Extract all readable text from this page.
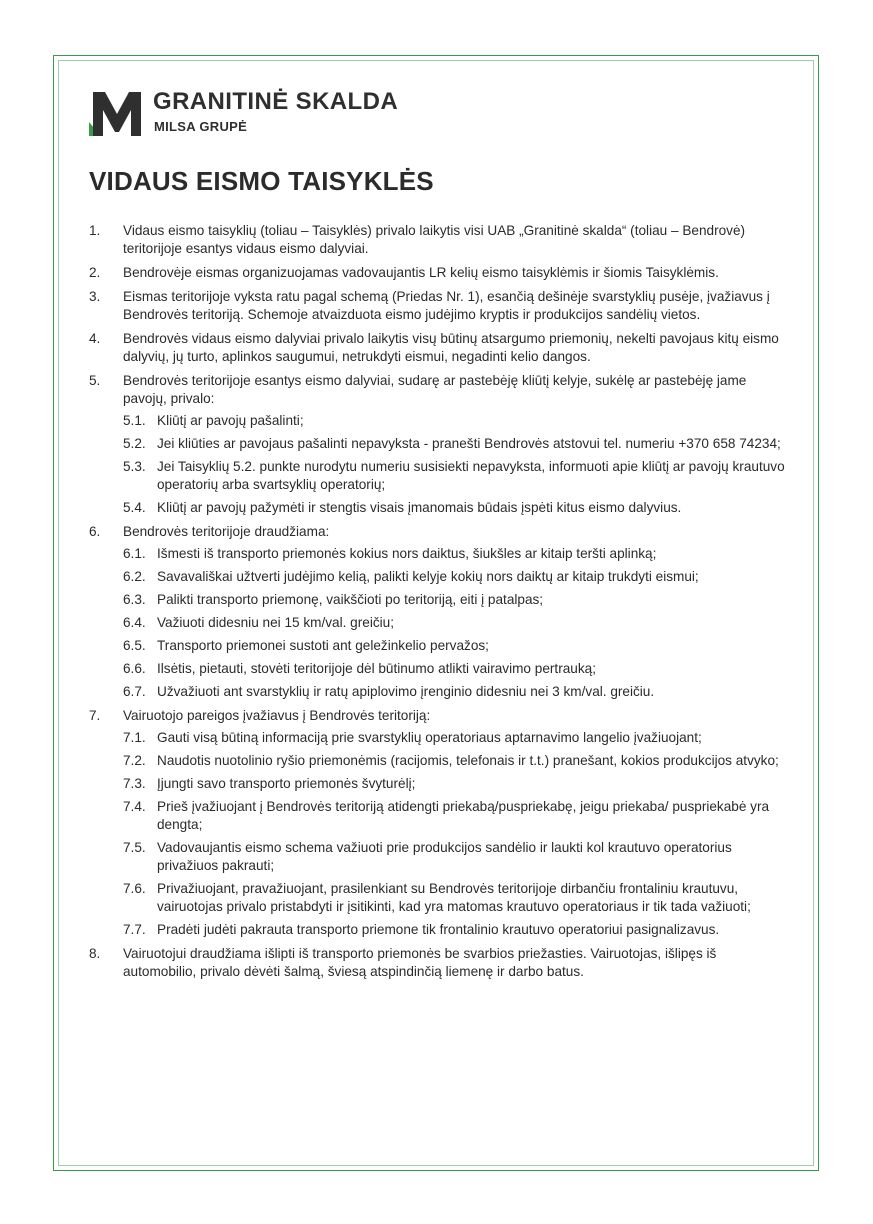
GRANITINĖ SKALDA
MILSA GRUPĖ
VIDAUS EISMO TAISYKLĖS
1. Vidaus eismo taisyklių (toliau – Taisyklės) privalo laikytis visi UAB „Granitinė skalda“ (toliau – Bendrovė) teritorijoje esantys vidaus eismo dalyviai.
2. Bendrovėje eismas organizuojamas vadovaujantis LR kelių eismo taisyklėmis ir šiomis Taisyklėmis.
3. Eismas teritorijoje vyksta ratu pagal schemą (Priedas Nr. 1), esančią dešinėje svarstyklių pusėje, įvažiavus į Bendrovės teritoriją. Schemoje atvaizduota eismo judėjimo kryptis ir produkcijos sandėlių vietos.
4. Bendrovės vidaus eismo dalyviai privalo laikytis visų būtinų atsargumo priemonių, nekelti pavojaus kitų eismo dalyvių, jų turto, aplinkos saugumui, netrukdyti eismui, negadinti kelio dangos.
5. Bendrovės teritorijoje esantys eismo dalyviai, sudarę ar pastebėję kliūtį kelyje, sukėlę ar pastebėję jame pavojų, privalo:
5.1. Kliūtį ar pavojų pašalinti;
5.2. Jei kliūties ar pavojaus pašalinti nepavyksta - pranešti Bendrovės atstovui tel. numeriu +370 658 74234;
5.3. Jei Taisyklių 5.2. punkte nurodytu numeriu susisiekti nepavyksta, informuoti apie kliūtį ar pavojų krautuvo operatorių arba svartsyklių operatorių;
5.4. Kliūtį ar pavojų pažymėti ir stengtis visais įmanomais būdais įspėti kitus eismo dalyvius.
6. Bendrovės teritorijoje draudžiama:
6.1. Išmesti iš transporto priemonės kokius nors daiktus, šiukšles ar kitaip teršti aplinką;
6.2. Savavališkai užtverti judėjimo kelią, palikti kelyje kokių nors daiktų ar kitaip trukdyti eismui;
6.3. Palikti transporto priemonę, vaikščioti po teritoriją, eiti į patalpas;
6.4. Važiuoti didesniu nei 15 km/val. greičiu;
6.5. Transporto priemonei sustoti ant geležinkelio pervažos;
6.6. Ilsėtis, pietauti, stovėti teritorijoje dėl būtinumo atlikti vairavimo pertrauką;
6.7. Užvažiuoti ant svarstyklių ir ratų apiplovimo įrenginio didesniu nei 3 km/val. greičiu.
7. Vairuotojo pareigos įvažiavus į Bendrovės teritoriją:
7.1. Gauti visą būtiną informaciją prie svarstyklių operatoriaus aptarnavimo langelio įvažiuojant;
7.2. Naudotis nuotolinio ryšio priemonėmis (racijomis, telefonais ir t.t.) pranešant, kokios produkcijos atvyko;
7.3. Įjungti savo transporto priemonės švyturėlį;
7.4. Prieš įvažiuojant į Bendrovės teritoriją atidengti priekabą/puspriekabę, jeigu priekaba/ puspriekabė yra dengta;
7.5. Vadovaujantis eismo schema važiuoti prie produkcijos sandėlio ir laukti kol krautuvo operatorius privažiuos pakrauti;
7.6. Privažiuojant, pravažiuojant, prasilenkiant su Bendrovės teritorijoje dirbančiu frontaliniu krautuvu, vairuotojas privalo pristabdyti ir įsitikinti, kad yra matomas krautuvo operatoriaus ir tik tada važiuoti;
7.7. Pradėti judėti pakrauta transporto priemone tik frontalinio krautuvo operatoriui pasignalizavus.
8. Vairuotojui draudžiama išlipti iš transporto priemonės be svarbios priežasties. Vairuotojas, išlipęs iš automobilio, privalo dėvėti šalmą, šviesą atspindinčią liemenę ir darbo batus.
